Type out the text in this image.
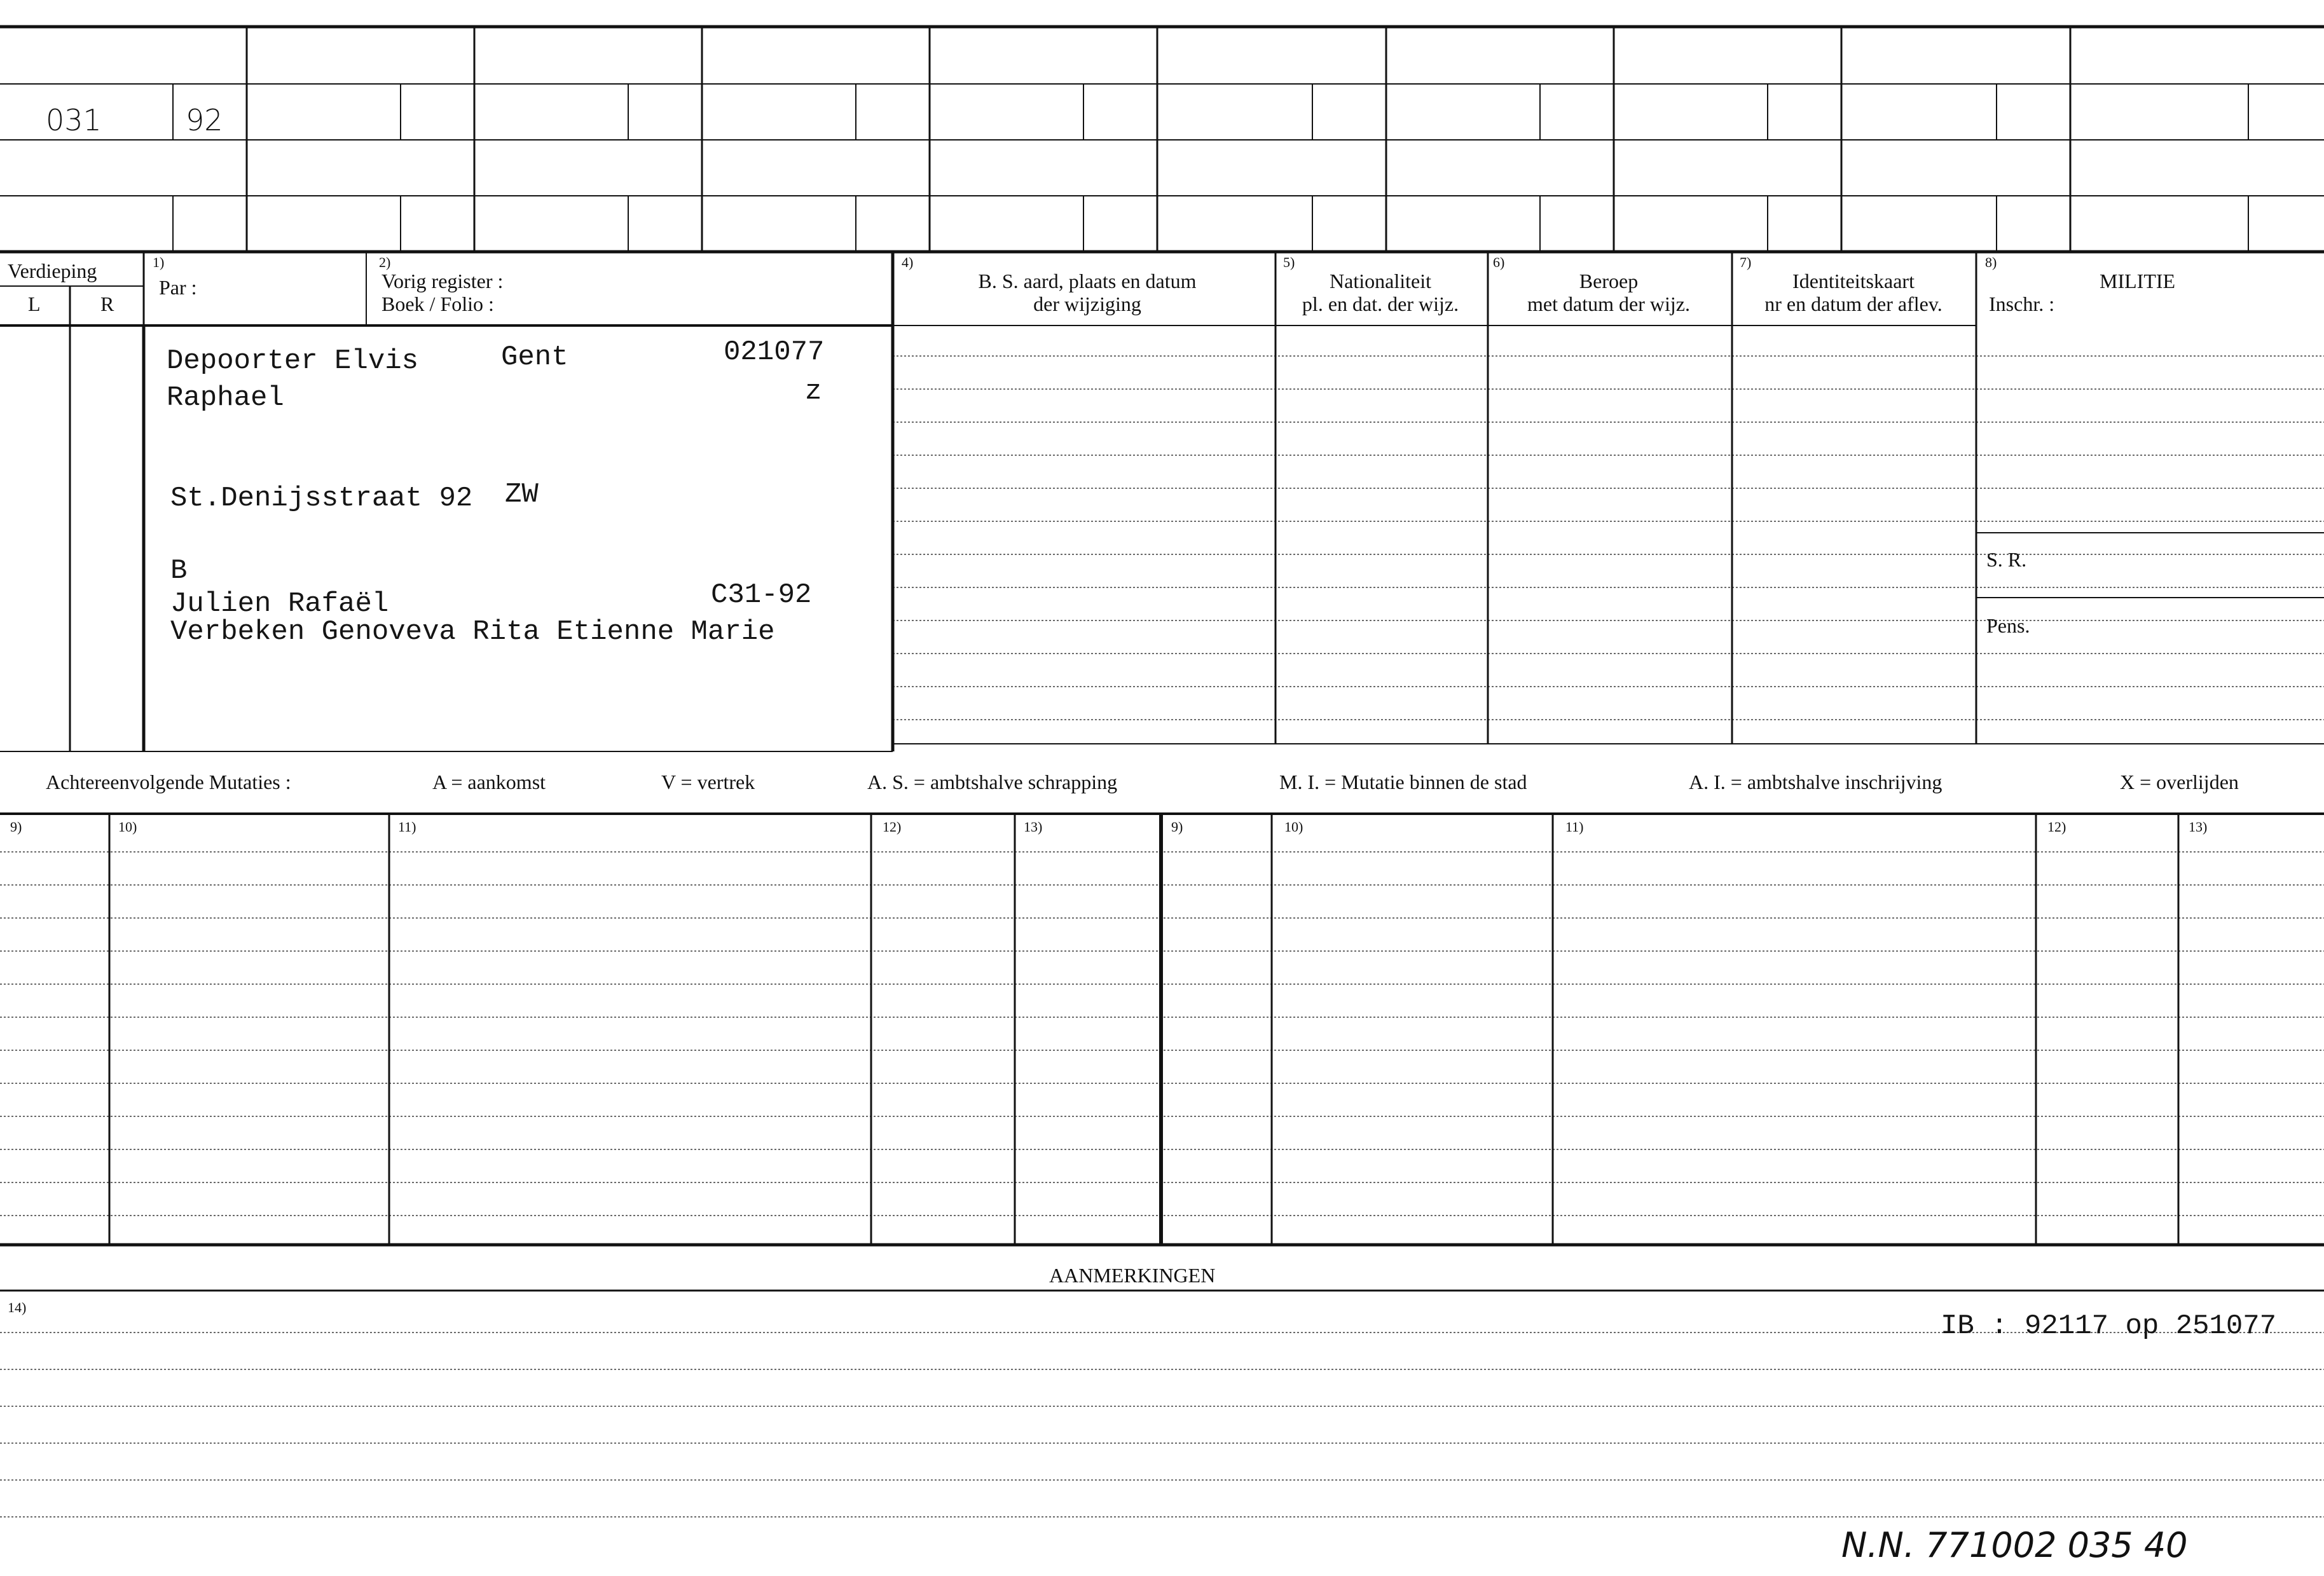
031	92
Verdieping
L	R
1)
Par :
2)
Vorig register :
Boek / Folio :
4)
B. S. aard, plaats en datum
der wijziging
5)
Nationaliteit
pl. en dat. der wijz.
6)
Beroep
met datum der wijz.
7)
Identiteitskaart
nr en datum der aflev.
8)
MILITIE
Inschr. :
S. R.
Pens.
Depoorter Elvis	Gent	021077
Raphael	z
St.Denijsstraat 92 ZW
B
Julien Rafaël	C31-92
Verbeken Genoveva Rita Etienne Marie
Achtereenvolgende Mutaties :	A = aankomst	V = vertrek	A. S. = ambtshalve schrapping	M. I. = Mutatie binnen de stad	A. I. = ambtshalve inschrijving	X = overlijden
9)	10)	11)	12)	13)	9)	10)	11)	12)	13)
AANMERKINGEN
14)
IB : 92117 op 251077
N.N. 771002 035 40
